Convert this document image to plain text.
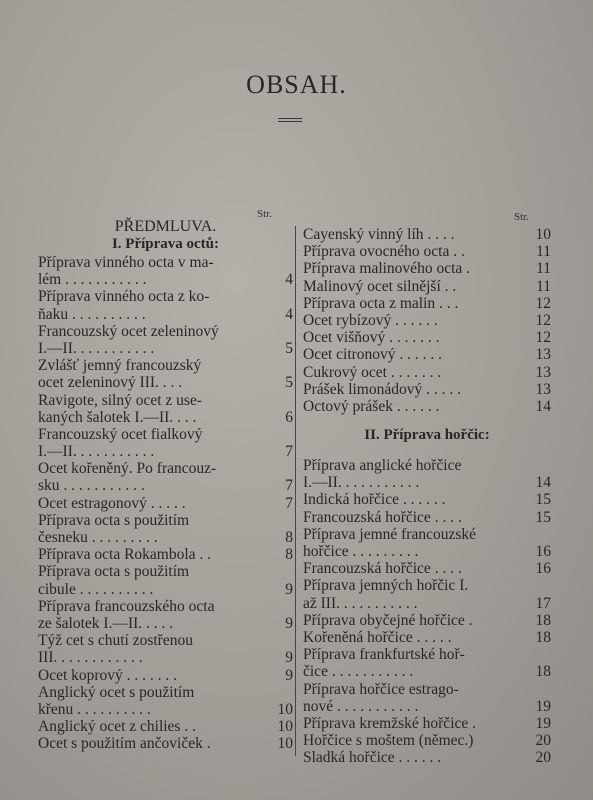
OBSAH.
Str.	Str.
PŘEDMLUVA.
I. Příprava octů:
Příprava vinného octa v ma-
lém . . . . . . . . . . .	4
Příprava vinného octa z ko-
ňaku . . . . . . . . . .	4
Francouzský ocet zeleninový
I.—II. . . . . . . . . . .	5
Zvlášť jemný francouzský
ocet zeleninový III. . . .	5
Ravigote, silný ocet z use-
kaných šalotek I.—II. . . .	6
Francouzský ocet fialkový
I.—II. . . . . . . . . . .	7
Ocet kořeněný. Po francouz-
sku . . . . . . . . . . .	7
Ocet estragonový . . . . .	7
Příprava octa s použitím
česneku . . . . . . . . .	8
Příprava octa Rokambola . .	8
Příprava octa s použitím
cibule . . . . . . . . . .	9
Příprava francouzského octa
ze šalotek I.—II. . . . .	9
Týž cet s chutí zostřenou
III. . . . . . . . . . . .	9
Ocet koprový . . . . . . .	9
Anglický ocet s použitím
křenu . . . . . . . . . .	10
Anglický ocet z chilies . .	10
Ocet s použitím ančoviček .	10
Cayenský vinný líh . . . .	10
Příprava ovocného octa . .	11
Příprava malinového octa .	11
Malinový ocet silnější . .	11
Příprava octa z malin . . .	12
Ocet rybízový . . . . . .	12
Ocet višňový . . . . . . .	12
Ocet citronový . . . . . .	13
Cukrový ocet . . . . . . .	13
Prášek limonádový . . . . .	13
Octový prášek . . . . . .	14
II. Příprava hořčic:
Příprava anglické hořčice
I.—II. . . . . . . . . . .	14
Indická hořčice . . . . . .	15
Francouzská hořčice . . . .	15
Příprava jemné francouzské
hořčice . . . . . . . . .	16
Francouzská hořčice . . . .	16
Příprava jemných hořčic I.
až III. . . . . . . . . . .	17
Příprava obyčejné hořčice .	18
Kořeněná hořčice . . . . .	18
Příprava frankfurtské hoř-
čice . . . . . . . . . . .	18
Příprava hořčice estrago-
nové . . . . . . . . . . .	19
Příprava kremžské hořčice .	19
Hořčice s moštem (němec.)	20
Sladká hořčice . . . . . .	20
